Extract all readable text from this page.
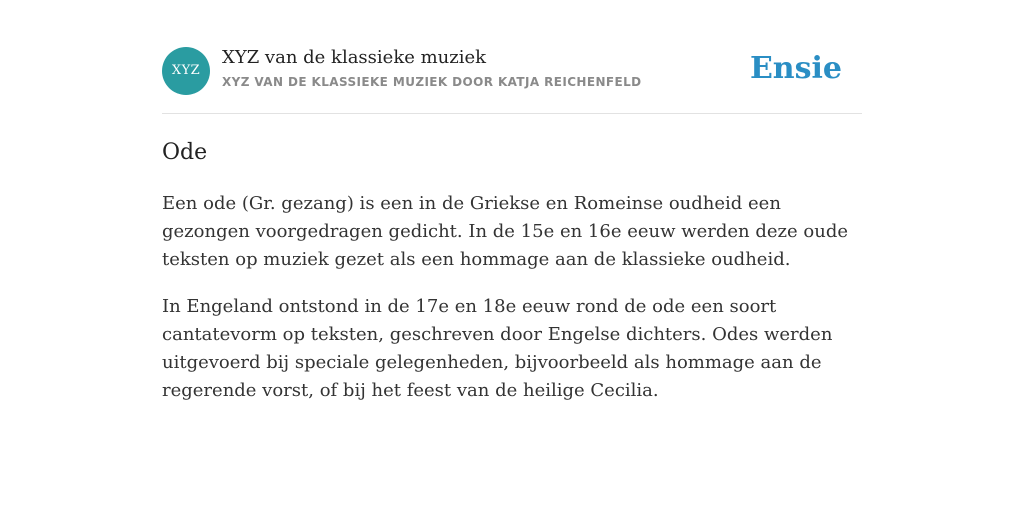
XYZ
XYZ van de klassieke muziek
XYZ VAN DE KLASSIEKE MUZIEK DOOR KATJA REICHENFELD	Ensie
Ode

Een ode (Gr. gezang) is een in de Griekse en Romeinse oudheid een gezongen voorgedragen gedicht. In de 15e en 16e eeuw werden deze oude teksten op muziek gezet als een hommage aan de klassieke oudheid.

In Engeland ontstond in de 17e en 18e eeuw rond de ode een soort cantatevorm op teksten, geschreven door Engelse dichters. Odes werden uitgevoerd bij speciale gelegenheden, bijvoorbeeld als hommage aan de regerende vorst, of bij het feest van de heilige Cecilia.
